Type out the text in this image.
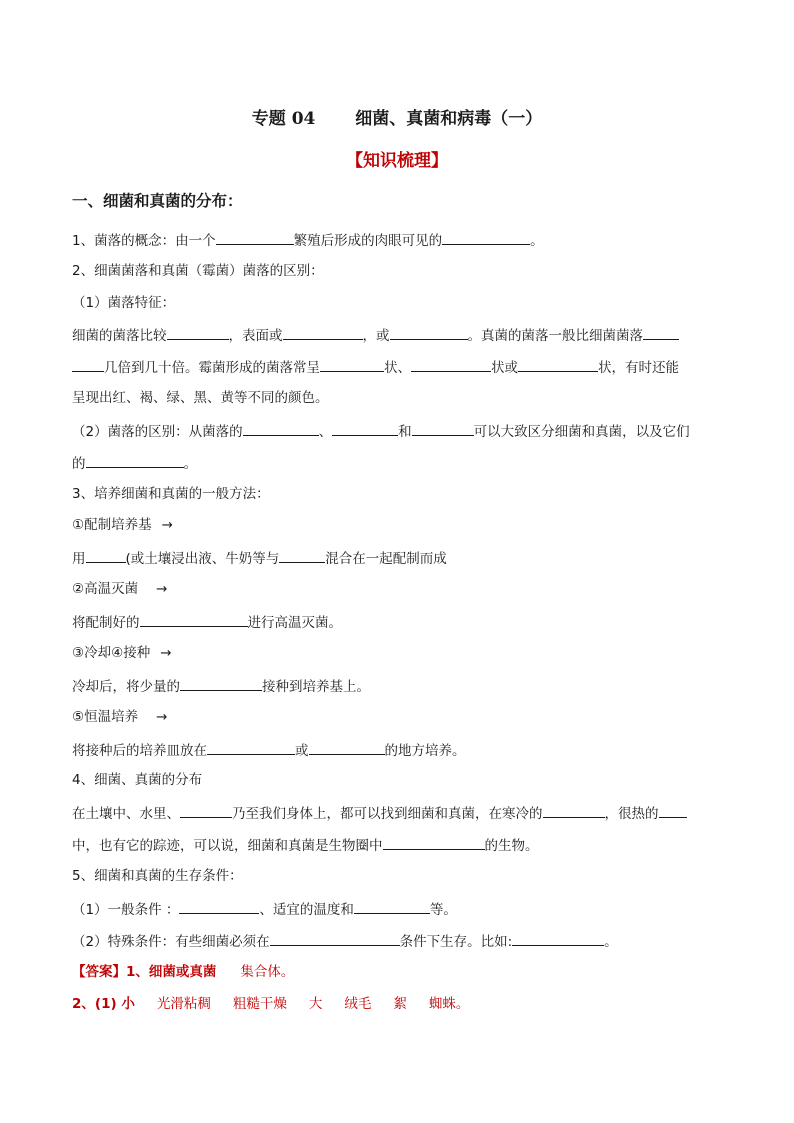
专题 04 细菌、真菌和病毒（一）
【知识梳理】
一、细菌和真菌的分布：
1、菌落的概念：由一个	繁殖后形成的肉眼可见的	。
2、细菌菌落和真菌（霉菌）菌落的区别：
（1）菌落特征：
细菌的菌落比较	，表面或	，或	。真菌的菌落一般比细菌菌落
几倍到几十倍。霉菌形成的菌落常呈	状、	状或	状，有时还能
呈现出红、褐、绿、黑、黄等不同的颜色。
（2）菌落的区别：从菌落的	、	和	可以大致区分细菌和真菌，以及它们
的	。
3、培养细菌和真菌的一般方法：
①配制培养基 →
用	(或土壤浸出液、牛奶等与	混合在一起配制而成
②高温灭菌 →
将配制好的	进行高温灭菌。
③冷却④接种 →
冷却后，将少量的	接种到培养基上。
⑤恒温培养 →
将接种后的培养皿放在	或	的地方培养。
4、细菌、真菌的分布
在土壤中、水里、	乃至我们身体上，都可以找到细菌和真菌，在寒冷的	，很热的
中，也有它的踪迹，可以说，细菌和真菌是生物圈中	的生物。
5、细菌和真菌的生存条件：
（1）一般条件 ：	、适宜的温度和	等。
（2）特殊条件：有些细菌必须在	条件下生存。比如:	。
【答案】1、细菌或真菌 集合体。
2、(1) 小 光滑粘稠 粗糙干燥 大 绒毛 絮 蜘蛛。
